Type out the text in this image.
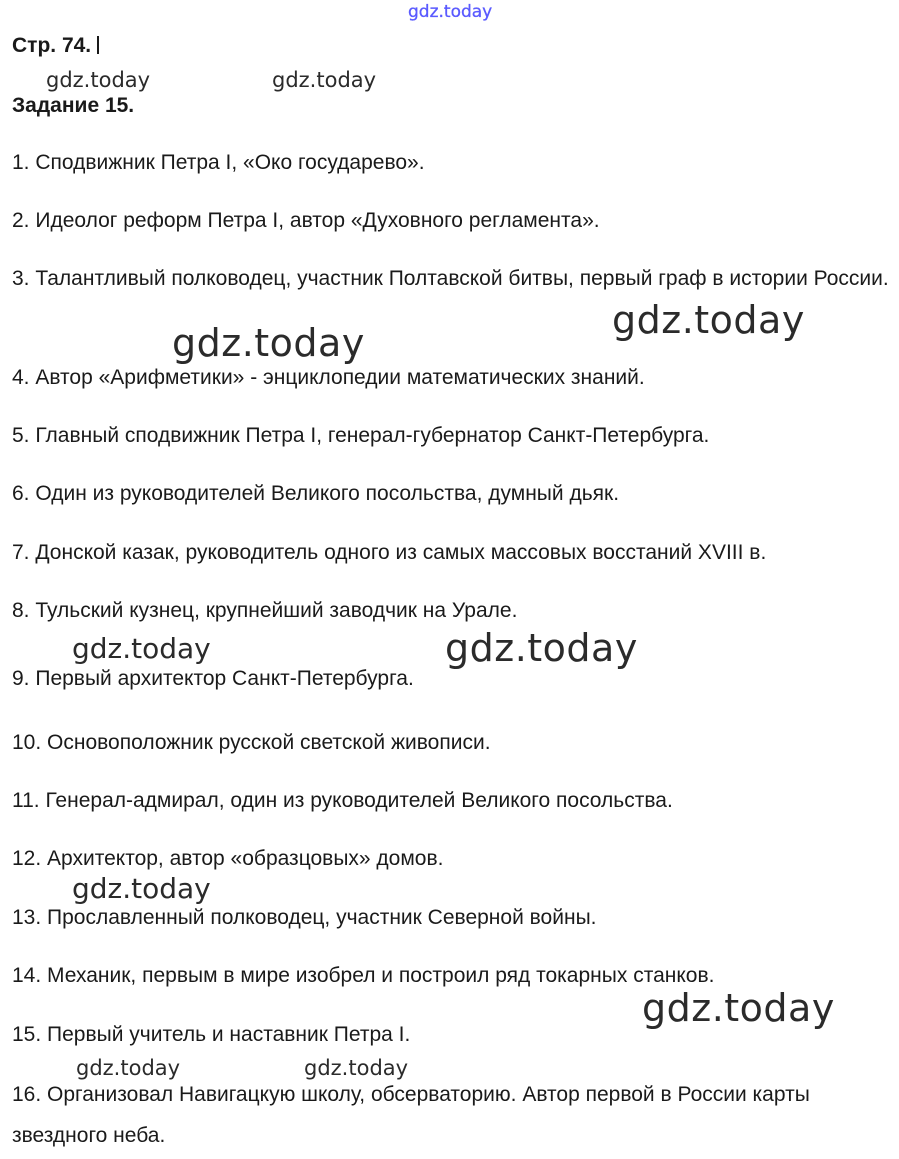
gdz.today
gdz.today	gdz.today
gdz.today
gdz.today
gdz.today	gdz.today
gdz.today
gdz.today
gdz.today	gdz.today
Стр. 74.
Задание 15.
1. Сподвижник Петра I, «Око государево».
2. Идеолог реформ Петра I, автор «Духовного регламента».
3. Талантливый полководец, участник Полтавской битвы, первый граф в истории России.
4. Автор «Арифметики» - энциклопедии математических знаний.
5. Главный сподвижник Петра I, генерал-губернатор Санкт-Петербурга.
6. Один из руководителей Великого посольства, думный дьяк.
7. Донской казак, руководитель одного из самых массовых восстаний XVIII в.
8. Тульский кузнец, крупнейший заводчик на Урале.
9. Первый архитектор Санкт-Петербурга.
10. Основоположник русской светской живописи.
11. Генерал-адмирал, один из руководителей Великого посольства.
12. Архитектор, автор «образцовых» домов.
13. Прославленный полководец, участник Северной войны.
14. Механик, первым в мире изобрел и построил ряд токарных станков.
15. Первый учитель и наставник Петра I.
16. Организовал Навигацкую школу, обсерваторию. Автор первой в России карты звездного неба.
